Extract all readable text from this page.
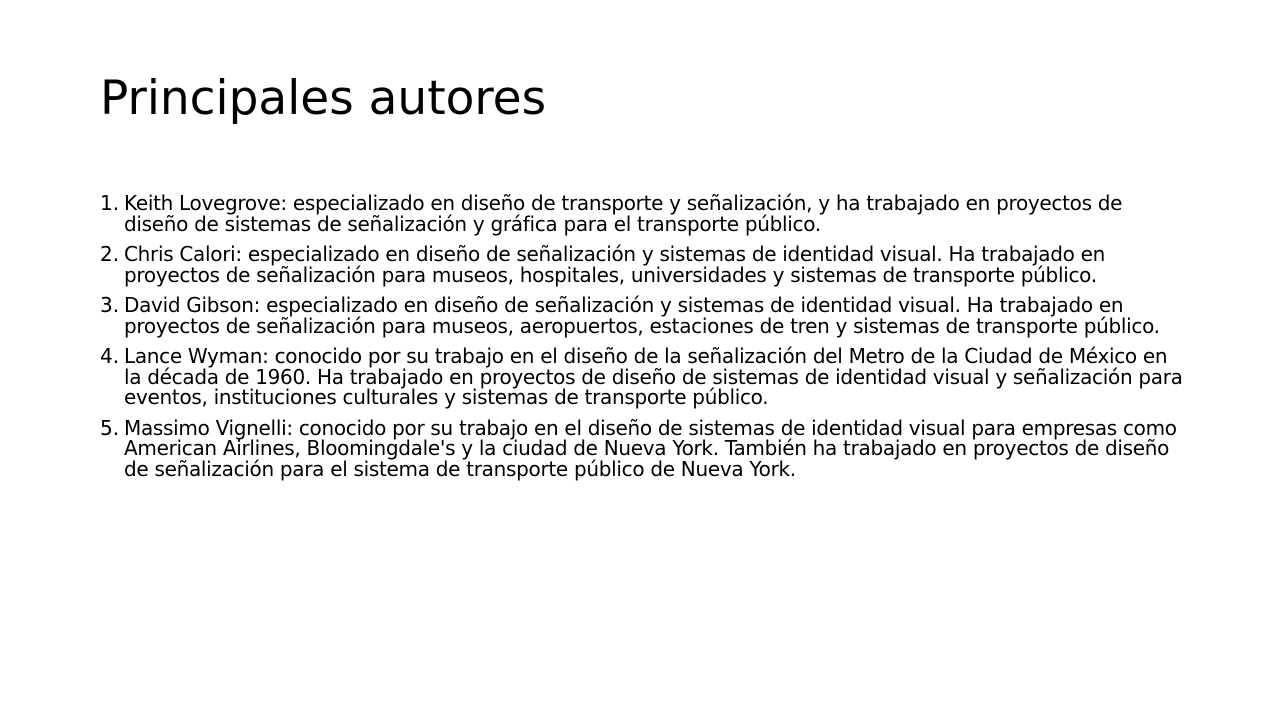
Principales autores
1. Keith Lovegrove: especializado en diseño de transporte y señalización, y ha trabajado en proyectos de diseño de sistemas de señalización y gráfica para el transporte público.
2. Chris Calori: especializado en diseño de señalización y sistemas de identidad visual. Ha trabajado en proyectos de señalización para museos, hospitales, universidades y sistemas de transporte público.
3. David Gibson: especializado en diseño de señalización y sistemas de identidad visual. Ha trabajado en proyectos de señalización para museos, aeropuertos, estaciones de tren y sistemas de transporte público.
4. Lance Wyman: conocido por su trabajo en el diseño de la señalización del Metro de la Ciudad de México en la década de 1960. Ha trabajado en proyectos de diseño de sistemas de identidad visual y señalización para eventos, instituciones culturales y sistemas de transporte público.
5. Massimo Vignelli: conocido por su trabajo en el diseño de sistemas de identidad visual para empresas como American Airlines, Bloomingdale's y la ciudad de Nueva York. También ha trabajado en proyectos de diseño de señalización para el sistema de transporte público de Nueva York.
